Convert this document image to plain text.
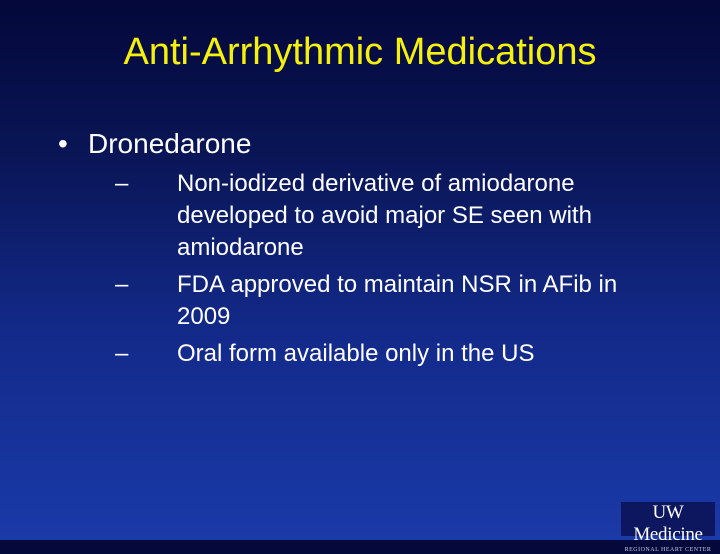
Anti-Arrhythmic Medications
• Dronedarone
– Non-iodized derivative of amiodarone developed to avoid major SE seen with amiodarone
– FDA approved to maintain NSR in AFib in 2009
– Oral form available only in the US
UW Medicine
REGIONAL HEART CENTER
